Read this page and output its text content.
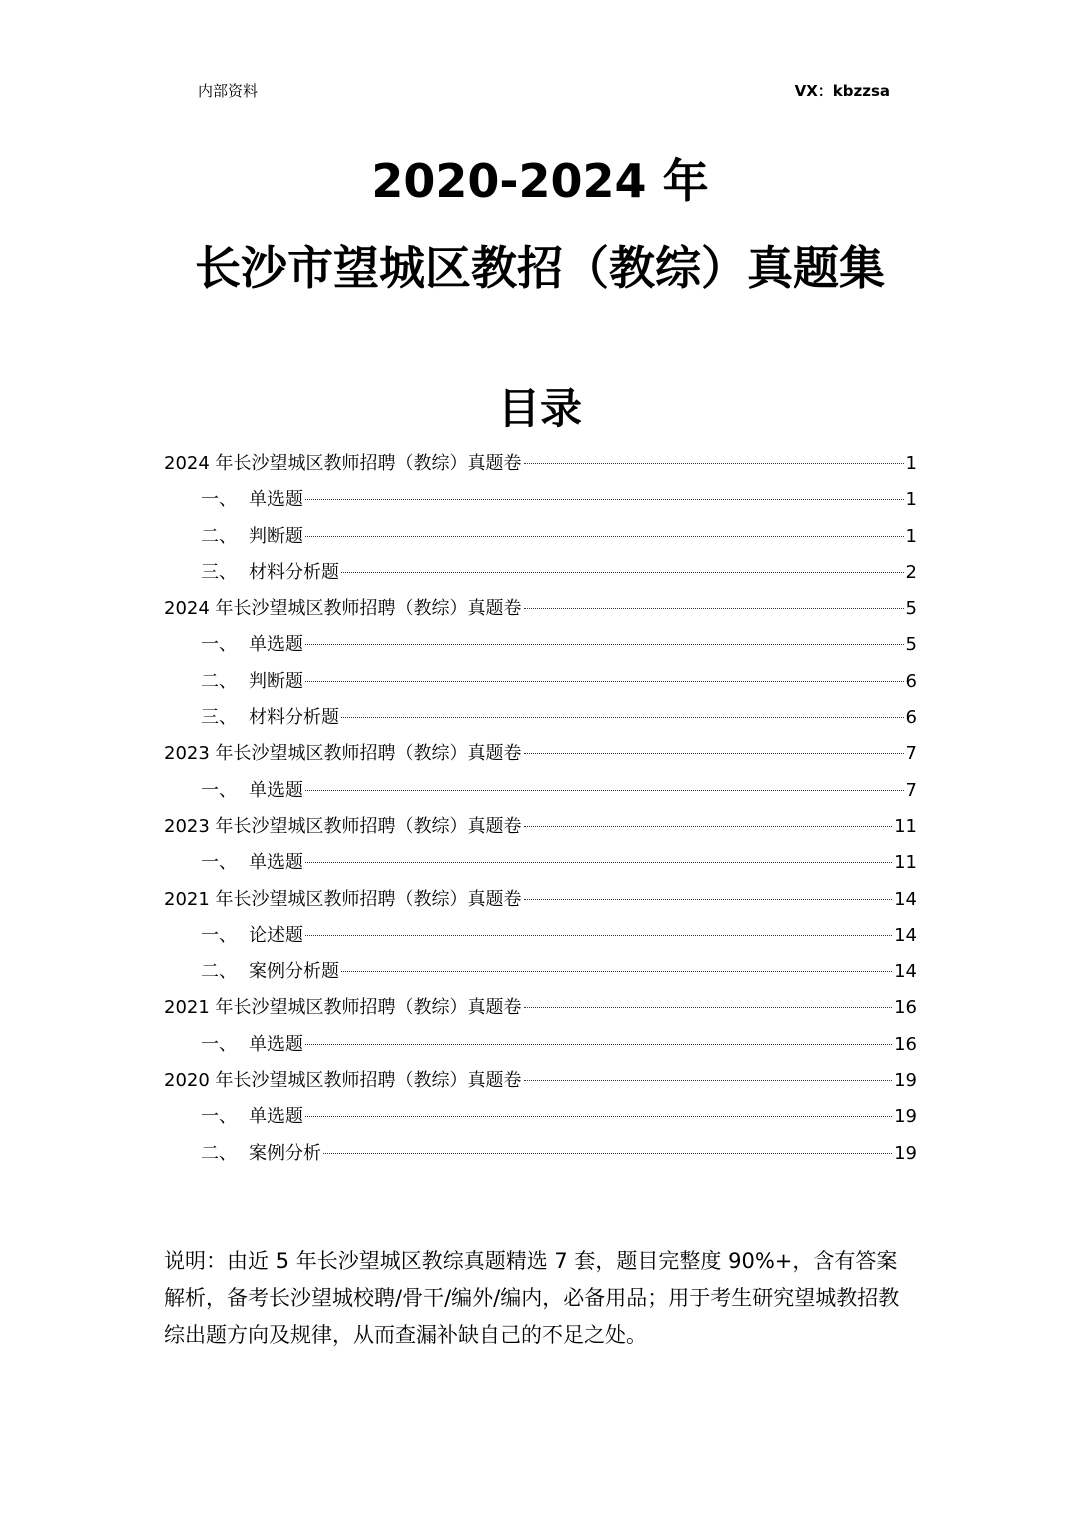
内部资料	VX：kbzzsa
2020-2024 年
长沙市望城区教招（教综）真题集
目录
2024 年长沙望城区教师招聘（教综）真题卷	1
一、 单选题	1
二、 判断题	1
三、 材料分析题	2
2024 年长沙望城区教师招聘（教综）真题卷	5
一、 单选题	5
二、 判断题	6
三、 材料分析题	6
2023 年长沙望城区教师招聘（教综）真题卷	7
一、 单选题	7
2023 年长沙望城区教师招聘（教综）真题卷	11
一、 单选题	11
2021 年长沙望城区教师招聘（教综）真题卷	14
一、 论述题	14
二、 案例分析题	14
2021 年长沙望城区教师招聘（教综）真题卷	16
一、 单选题	16
2020 年长沙望城区教师招聘（教综）真题卷	19
一、 单选题	19
二、 案例分析	19
说明：由近 5 年长沙望城区教综真题精选 7 套，题目完整度 90%+，含有答案解析，备考长沙望城校聘/骨干/编外/编内，必备用品；用于考生研究望城教招教综出题方向及规律，从而查漏补缺自己的不足之处。
